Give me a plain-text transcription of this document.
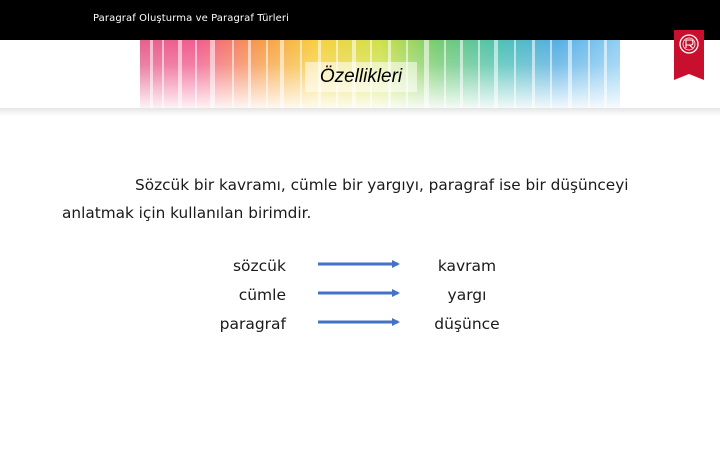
Paragraf Oluşturma ve Paragraf Türleri
Özellikleri

Sözcük bir kavramı, cümle bir yargıyı, paragraf ise bir düşünceyi anlatmak için kullanılan birimdir.

sözcük
cümle
paragraf
kavram
yargı
düşünce
